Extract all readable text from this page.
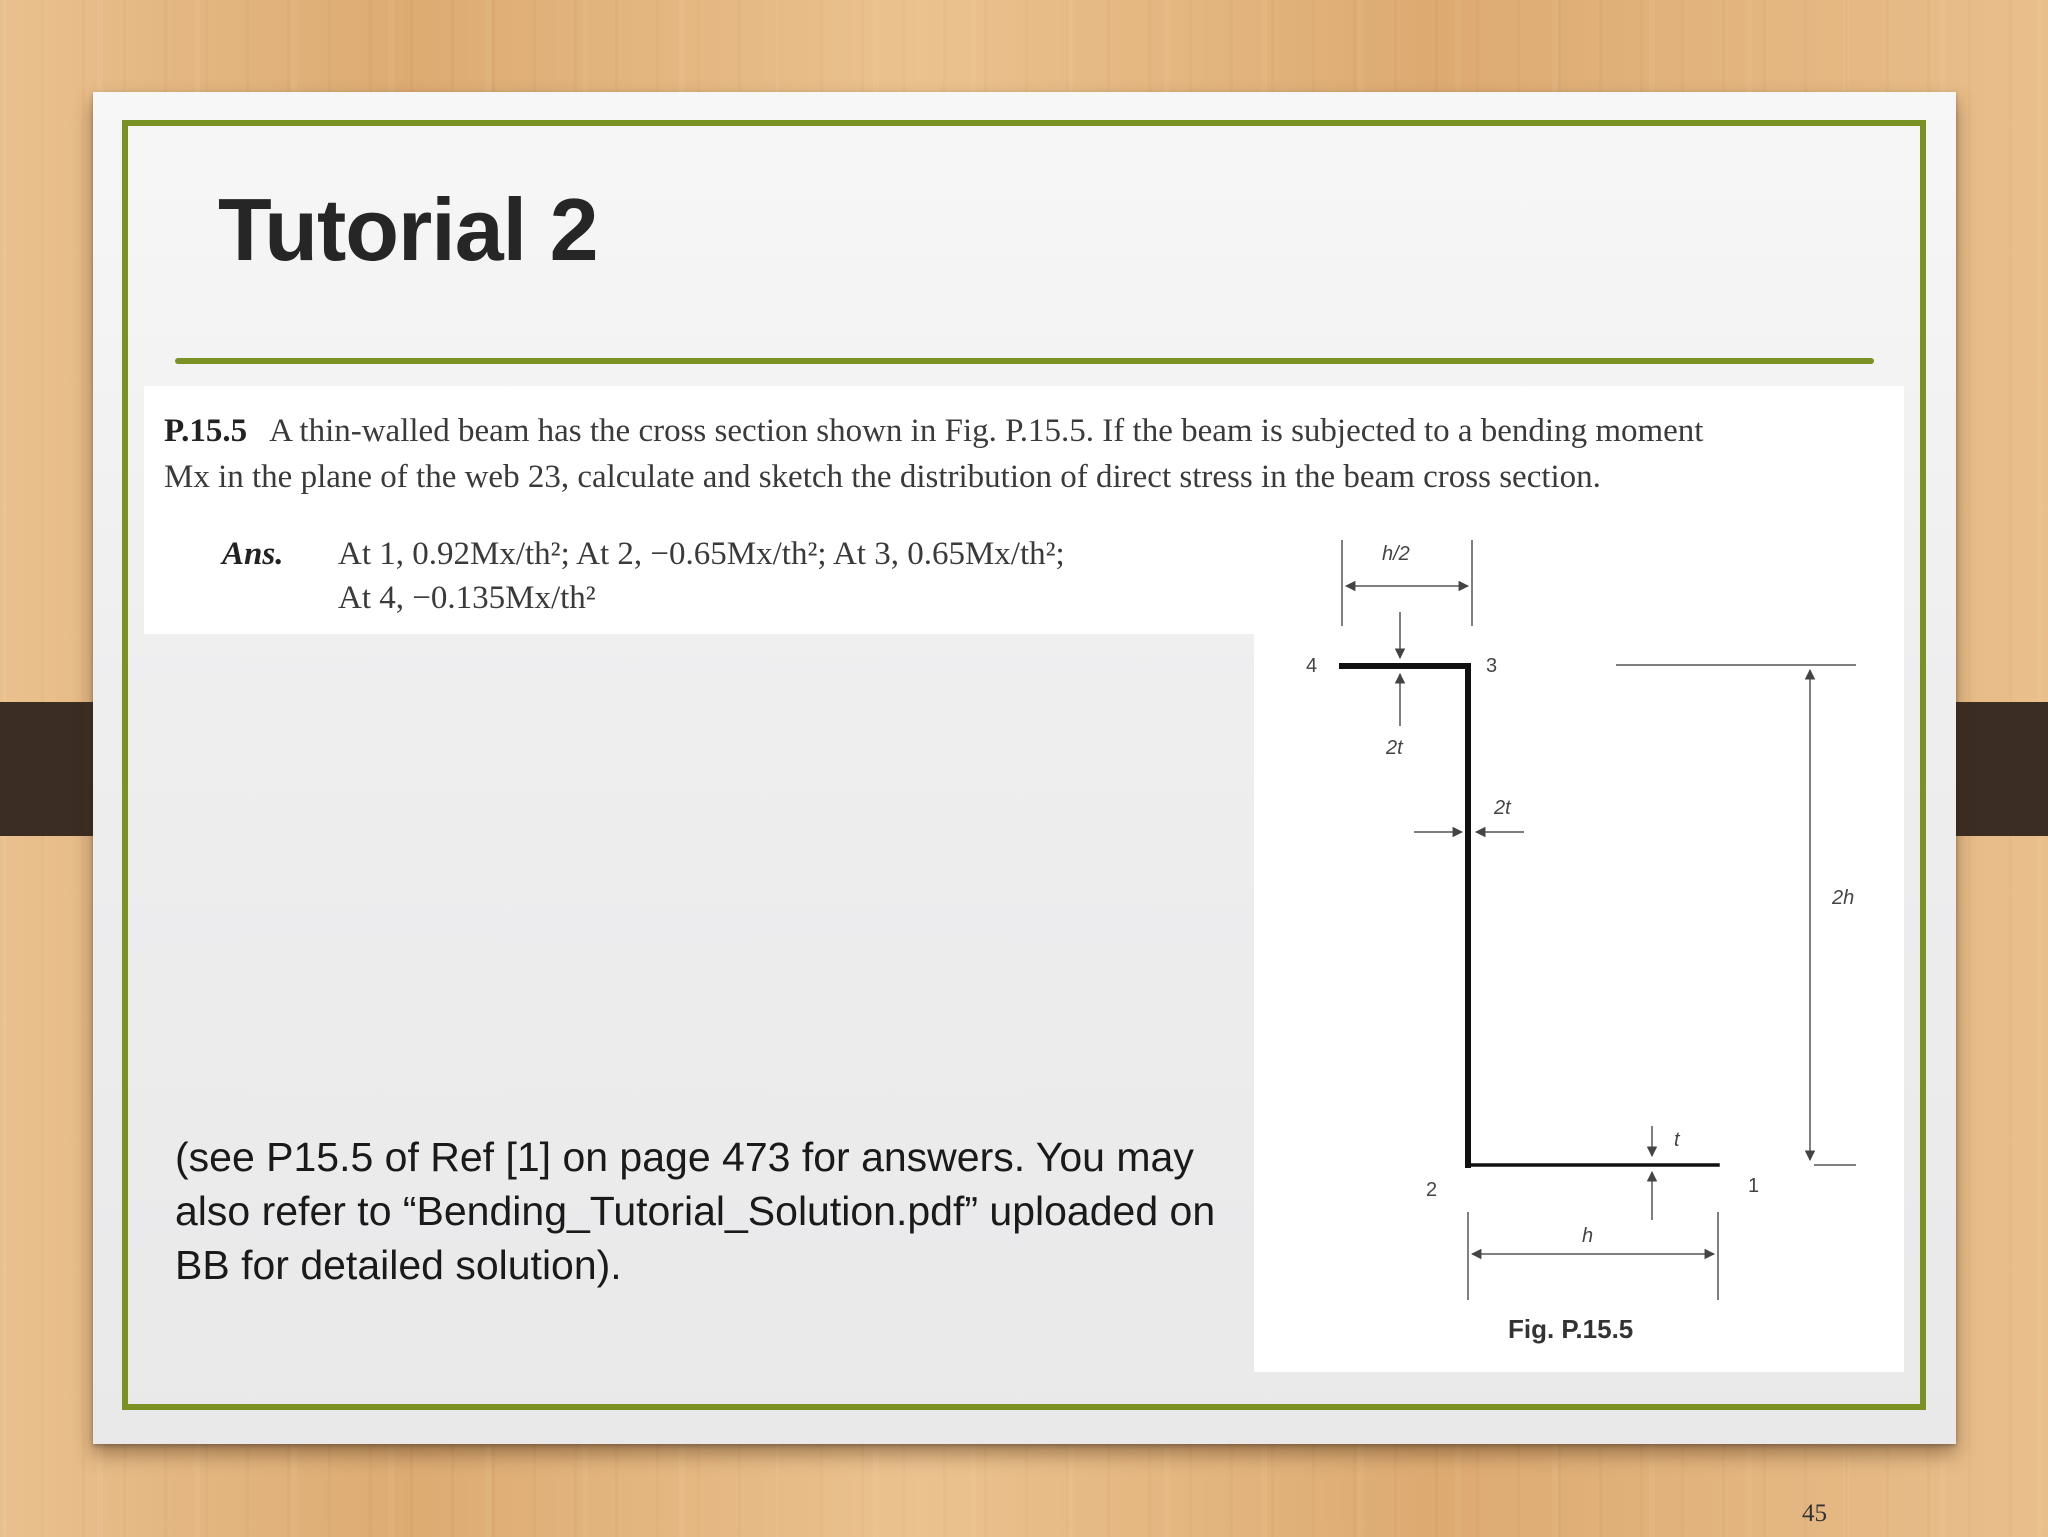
Tutorial 2
P.15.5 A thin-walled beam has the cross section shown in Fig. P.15.5. If the beam is subjected to a bending moment
Mx in the plane of the web 23, calculate and sketch the distribution of direct stress in the beam cross section.
Ans. At 1, 0.92Mx/th²; At 2, −0.65Mx/th²; At 3, 0.65Mx/th²;
At 4, −0.135Mx/th²
h/2
4	3
2t
2t
2h
t
2	1
h
Fig. P.15.5

(see P15.5 of Ref [1] on page 473 for answers. You may also refer to “Bending_Tutorial_Solution.pdf” uploaded on BB for detailed solution).

45
